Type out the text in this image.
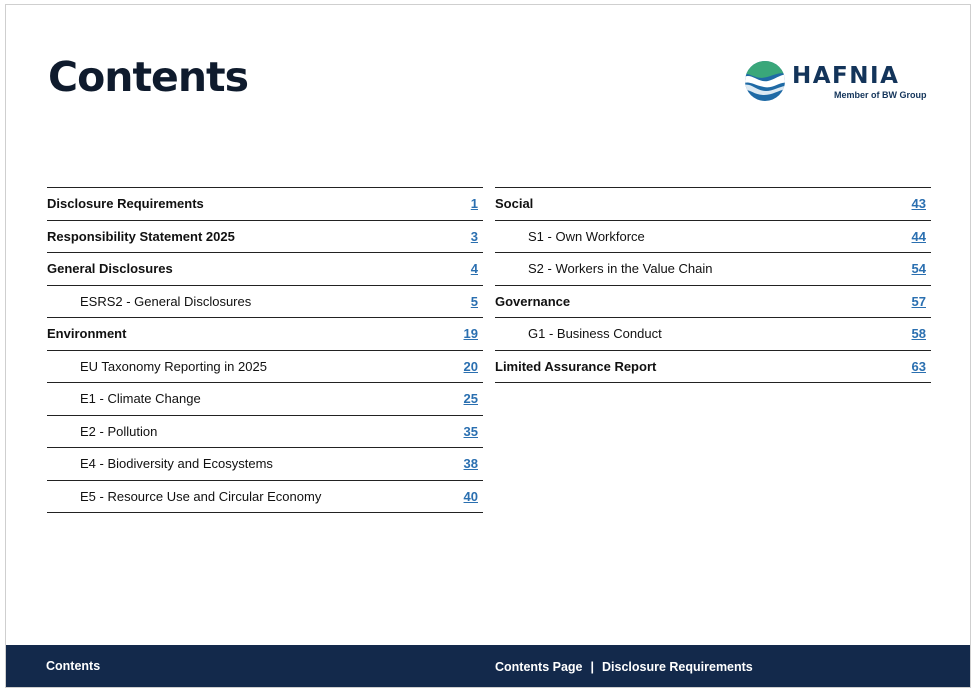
Contents	HAFNIA
Member of BW Group
Disclosure Requirements	1
Responsibility Statement 2025	3
General Disclosures	4
ESRS2 - General Disclosures	5
Environment	19
EU Taxonomy Reporting in 2025	20
E1 - Climate Change	25
E2 - Pollution	35
E4 - Biodiversity and Ecosystems	38
E5 - Resource Use and Circular Economy	40
Social	43
S1 - Own Workforce	44
S2 - Workers in the Value Chain	54
Governance	57
G1 - Business Conduct	58
Limited Assurance Report	63
Contents	Contents Page | Disclosure Requirements
